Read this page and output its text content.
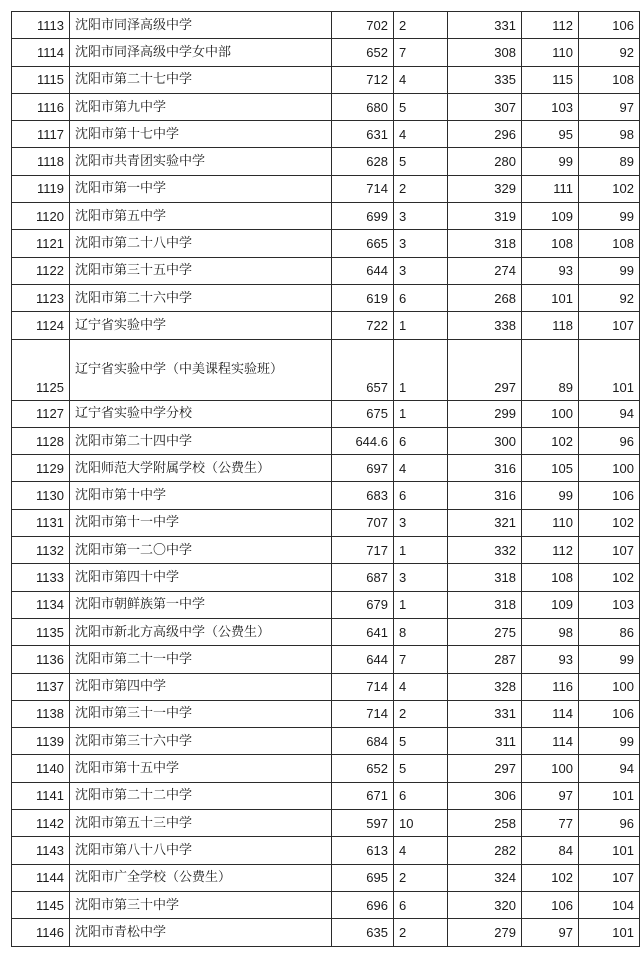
1113	沈阳市同泽高级中学	702	2	331	112	106
1114	沈阳市同泽高级中学女中部	652	7	308	110	92
1115	沈阳市第二十七中学	712	4	335	115	108
1116	沈阳市第九中学	680	5	307	103	97
1117	沈阳市第十七中学	631	4	296	95	98
1118	沈阳市共青团实验中学	628	5	280	99	89
1119	沈阳市第一中学	714	2	329	111	102
1120	沈阳市第五中学	699	3	319	109	99
1121	沈阳市第二十八中学	665	3	318	108	108
1122	沈阳市第三十五中学	644	3	274	93	99
1123	沈阳市第二十六中学	619	6	268	101	92
1124	辽宁省实验中学	722	1	338	118	107
1125	辽宁省实验中学（中美课程实验班）	657	1	297	89	101
1127	辽宁省实验中学分校	675	1	299	100	94
1128	沈阳市第二十四中学	644.6	6	300	102	96
1129	沈阳师范大学附属学校（公费生）	697	4	316	105	100
1130	沈阳市第十中学	683	6	316	99	106
1131	沈阳市第十一中学	707	3	321	110	102
1132	沈阳市第一二〇中学	717	1	332	112	107
1133	沈阳市第四十中学	687	3	318	108	102
1134	沈阳市朝鲜族第一中学	679	1	318	109	103
1135	沈阳市新北方高级中学（公费生）	641	8	275	98	86
1136	沈阳市第二十一中学	644	7	287	93	99
1137	沈阳市第四中学	714	4	328	116	100
1138	沈阳市第三十一中学	714	2	331	114	106
1139	沈阳市第三十六中学	684	5	311	114	99
1140	沈阳市第十五中学	652	5	297	100	94
1141	沈阳市第二十二中学	671	6	306	97	101
1142	沈阳市第五十三中学	597	10	258	77	96
1143	沈阳市第八十八中学	613	4	282	84	101
1144	沈阳市广全学校（公费生）	695	2	324	102	107
1145	沈阳市第三十中学	696	6	320	106	104
1146	沈阳市青松中学	635	2	279	97	101
